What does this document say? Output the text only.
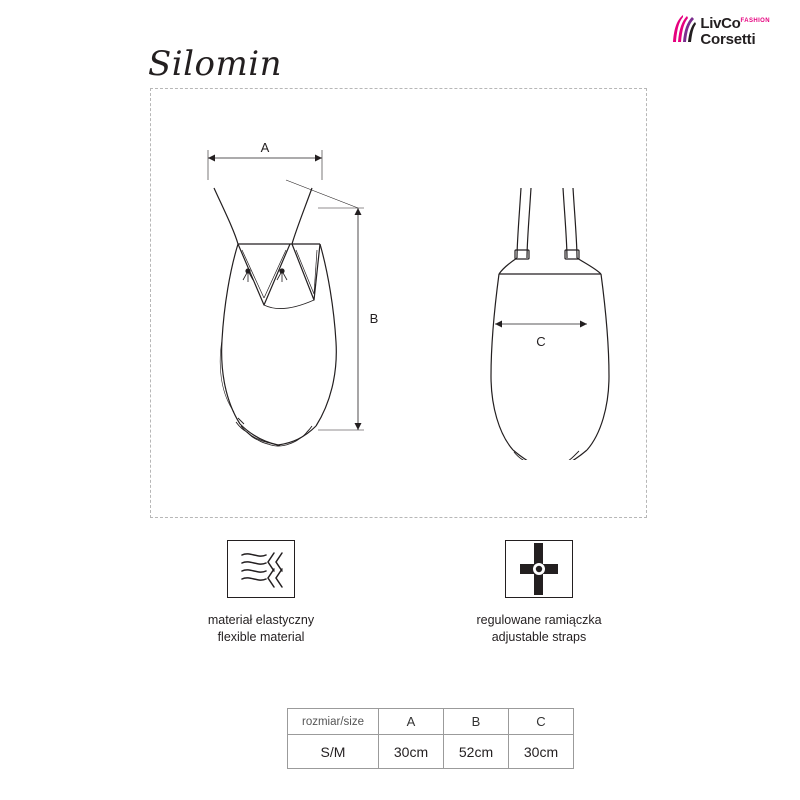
LivCo$^{FASHION}$
Corsetti
Silomin
A
B
C
materiał elastyczny
flexible material
regulowane ramiączka
adjustable straps
rozmiar/size	A	B	C
S/M	30cm	52cm	30cm
